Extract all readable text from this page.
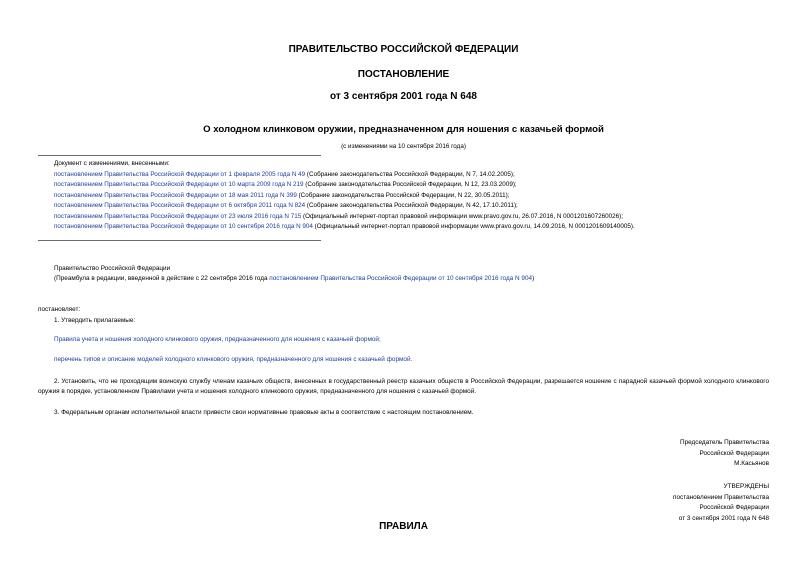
ПРАВИТЕЛЬСТВО РОССИЙСКОЙ ФЕДЕРАЦИИ
ПОСТАНОВЛЕНИЕ
от 3 сентября 2001 года N 648
О холодном клинковом оружии, предназначенном для ношения с казачьей формой
(с изменениями на 10 сентября 2016 года)
Документ с изменениями, внесенными:
постановлением Правительства Российской Федерации от 1 февраля 2005 года N 49 (Собрание законодательства Российской Федерации, N 7, 14.02.2005);
постановлением Правительства Российской Федерации от 10 марта 2009 года N 219 (Собрание законодательства Российской Федерации, N 12, 23.03.2009);
постановлением Правительства Российской Федерации от 18 мая 2011 года N 399 (Собрание законодательства Российской Федерации, N 22, 30.05.2011);
постановлением Правительства Российской Федерации от 6 октября 2011 года N 824 (Собрание законодательства Российской Федерации, N 42, 17.10.2011);
постановлением Правительства Российской Федерации от 23 июля 2016 года N 715 (Официальный интернет-портал правовой информации www.pravo.gov.ru, 26.07.2016, N 0001201607260026);
постановлением Правительства Российской Федерации от 10 сентября 2016 года N 904 (Официальный интернет-портал правовой информации www.pravo.gov.ru, 14.09.2016, N 0001201609140005).
Правительство Российской Федерации
(Преамбула в редакции, введенной в действие с 22 сентября 2016 года постановлением Правительства Российской Федерации от 10 сентября 2016 года N 904)
постановляет:
1. Утвердить прилагаемые:
Правила учета и ношения холодного клинкового оружия, предназначенного для ношения с казачьей формой;
перечень типов и описание моделей холодного клинкового оружия, предназначенного для ношения с казачьей формой.
2. Установить, что не проходящим воинскую службу членам казачьих обществ, внесенных в государственный реестр казачьих обществ в Российской Федерации, разрешается ношение с парадной казачьей формой холодного клинкового оружия в порядке, установленном Правилами учета и ношения холодного клинкового оружия, предназначенного для ношения с казачьей формой.
3. Федеральным органам исполнительной власти привести свои нормативные правовые акты в соответствие с настоящим постановлением.
Председатель Правительства
Российской Федерации
М.Касьянов
УТВЕРЖДЕНЫ
постановлением Правительства
Российской Федерации
от 3 сентября 2001 года N 648
ПРАВИЛА
